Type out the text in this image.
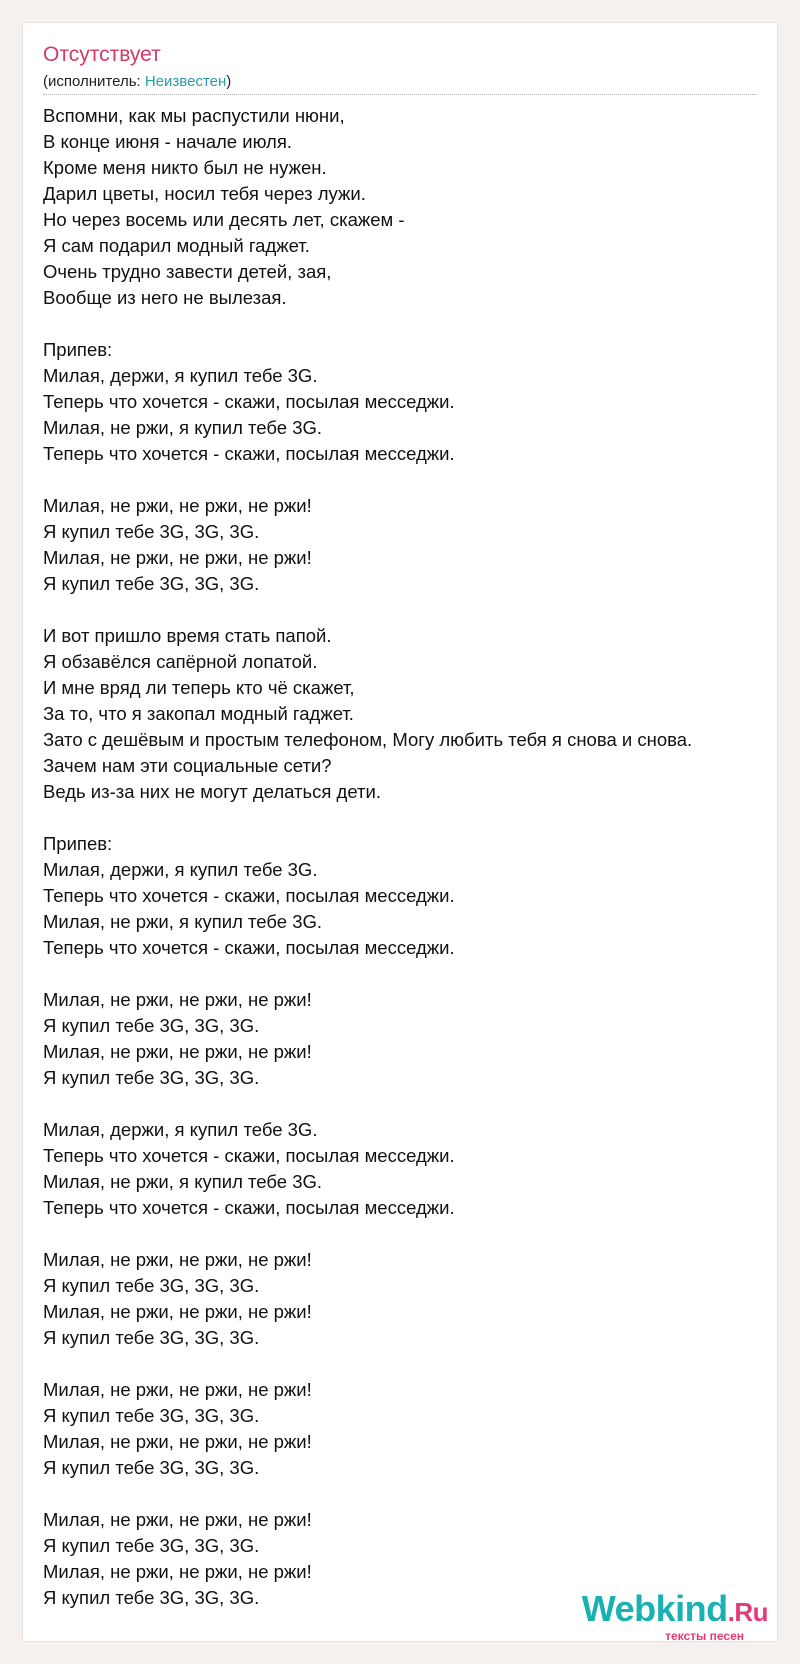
Отсутствует
(исполнитель: Неизвестен)
Вспомни, как мы распустили нюни,
В конце июня - начале июля.
Кроме меня никто был не нужен.
Дарил цветы, носил тебя через лужи.
Но через восемь или десять лет, скажем -
Я сам подарил модный гаджет.
Очень трудно завести детей, зая,
Вообще из него не вылезая.
Припев:
Милая, держи, я купил тебе 3G.
Теперь что хочется - скажи, посылая месседжи.
Милая, не ржи, я купил тебе 3G.
Теперь что хочется - скажи, посылая месседжи.
Милая, не ржи, не ржи, не ржи!
Я купил тебе 3G, 3G, 3G.
Милая, не ржи, не ржи, не ржи!
Я купил тебе 3G, 3G, 3G.
И вот пришло время стать папой.
Я обзавёлся сапёрной лопатой.
И мне вряд ли теперь кто чё скажет,
За то, что я закопал модный гаджет.
Зато с дешёвым и простым телефоном, Могу любить тебя я снова и снова.
Зачем нам эти социальные сети?
Ведь из-за них не могут делаться дети.
Припев:
Милая, держи, я купил тебе 3G.
Теперь что хочется - скажи, посылая месседжи.
Милая, не ржи, я купил тебе 3G.
Теперь что хочется - скажи, посылая месседжи.
Милая, не ржи, не ржи, не ржи!
Я купил тебе 3G, 3G, 3G.
Милая, не ржи, не ржи, не ржи!
Я купил тебе 3G, 3G, 3G.
Милая, держи, я купил тебе 3G.
Теперь что хочется - скажи, посылая месседжи.
Милая, не ржи, я купил тебе 3G.
Теперь что хочется - скажи, посылая месседжи.
Милая, не ржи, не ржи, не ржи!
Я купил тебе 3G, 3G, 3G.
Милая, не ржи, не ржи, не ржи!
Я купил тебе 3G, 3G, 3G.
Милая, не ржи, не ржи, не ржи!
Я купил тебе 3G, 3G, 3G.
Милая, не ржи, не ржи, не ржи!
Я купил тебе 3G, 3G, 3G.
Милая, не ржи, не ржи, не ржи!
Я купил тебе 3G, 3G, 3G.
Милая, не ржи, не ржи, не ржи!
Я купил тебе 3G, 3G, 3G.	Webkind.Ru
тексты песен
